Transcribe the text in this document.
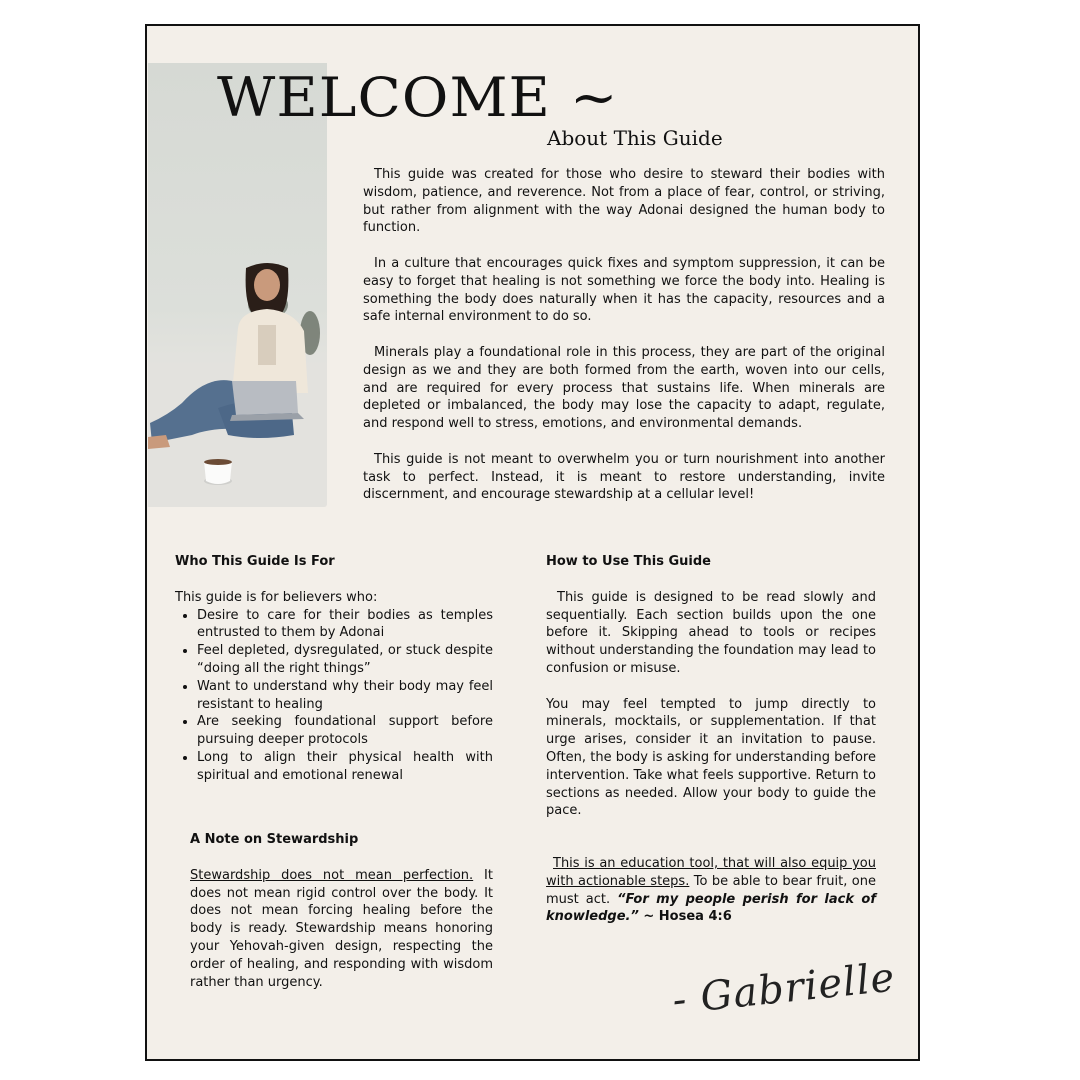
WELCOME ~
About This Guide

This guide was created for those who desire to steward their bodies with wisdom, patience, and reverence. Not from a place of fear, control, or striving, but rather from alignment with the way Adonai designed the human body to function.

In a culture that encourages quick fixes and symptom suppression, it can be easy to forget that healing is not something we force the body into. Healing is something the body does naturally when it has the capacity, resources and a safe internal environment to do so.

Minerals play a foundational role in this process, they are part of the original design as we and they are both formed from the earth, woven into our cells, and are required for every process that sustains life. When minerals are depleted or imbalanced, the body may lose the capacity to adapt, regulate, and respond well to stress, emotions, and environmental demands.

This guide is not meant to overwhelm you or turn nourishment into another task to perfect. Instead, it is meant to restore understanding, invite discernment, and encourage stewardship at a cellular level!

Who This Guide Is For

This guide is for believers who:

• Desire to care for their bodies as temples entrusted to them by Adonai
• Feel depleted, dysregulated, or stuck despite “doing all the right things”
• Want to understand why their body may feel resistant to healing
• Are seeking foundational support before pursuing deeper protocols
• Long to align their physical health with spiritual and emotional renewal
How to Use This Guide

This guide is designed to be read slowly and sequentially. Each section builds upon the one before it. Skipping ahead to tools or recipes without understanding the foundation may lead to confusion or misuse.

You may feel tempted to jump directly to minerals, mocktails, or supplementation. If that urge arises, consider it an invitation to pause. Often, the body is asking for understanding before intervention. Take what feels supportive. Return to sections as needed. Allow your body to guide the pace.

A Note on Stewardship

Stewardship does not mean perfection. It does not mean rigid control over the body. It does not mean forcing healing before the body is ready. Stewardship means honoring your Yehovah-given design, respecting the order of healing, and responding with wisdom rather than urgency.

This is an education tool, that will also equip you with actionable steps. To be able to bear fruit, one must act. “For my people perish for lack of knowledge.” ~ Hosea 4:6
- Gabrielle
